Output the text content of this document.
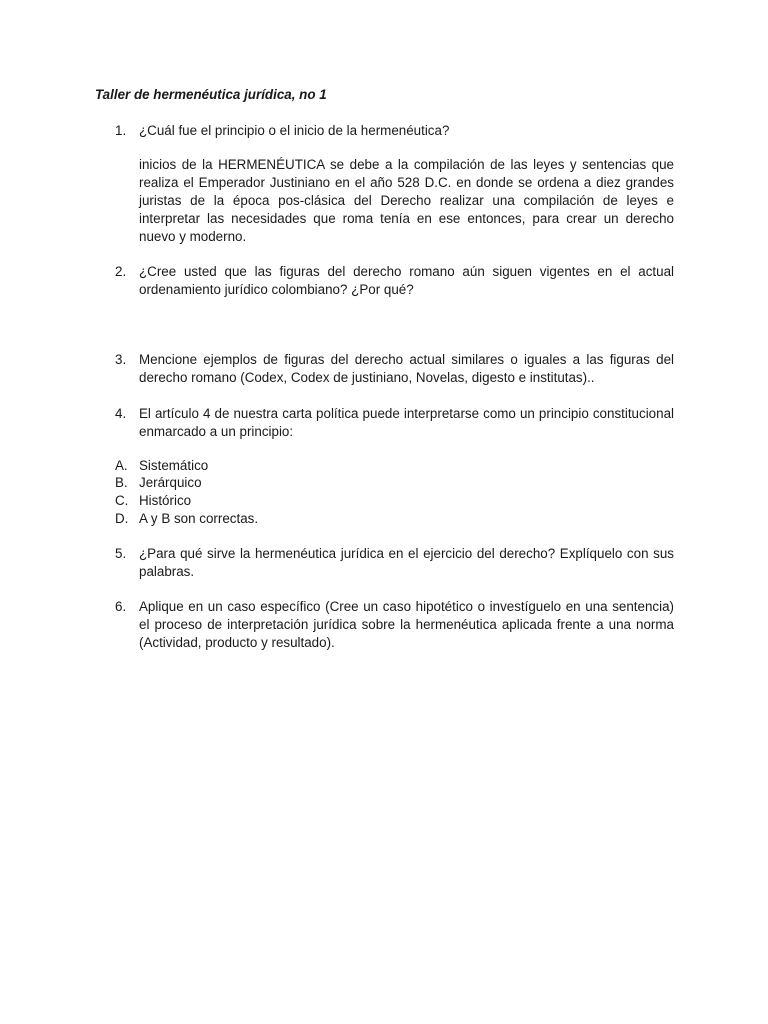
Taller de hermenéutica jurídica, no 1
1. ¿Cuál fue el principio o el inicio de la hermenéutica?
inicios de la HERMENÉUTICA se debe a la compilación de las leyes y sentencias que realiza el Emperador Justiniano en el año 528 D.C. en donde se ordena a diez grandes juristas de la época pos-clásica del Derecho realizar una compilación de leyes e interpretar las necesidades que roma tenía en ese entonces, para crear un derecho nuevo y moderno.
2. ¿Cree usted que las figuras del derecho romano aún siguen vigentes en el actual ordenamiento jurídico colombiano? ¿Por qué?
3. Mencione ejemplos de figuras del derecho actual similares o iguales a las figuras del derecho romano (Codex, Codex de justiniano, Novelas, digesto e institutas)..
4. El artículo 4 de nuestra carta política puede interpretarse como un principio constitucional enmarcado a un principio:
A. Sistemático
B. Jerárquico
C. Histórico
D. A y B son correctas.
5. ¿Para qué sirve la hermenéutica jurídica en el ejercicio del derecho? Explíquelo con sus palabras.
6. Aplique en un caso específico (Cree un caso hipotético o investíguelo en una sentencia) el proceso de interpretación jurídica sobre la hermenéutica aplicada frente a una norma (Actividad, producto y resultado).
